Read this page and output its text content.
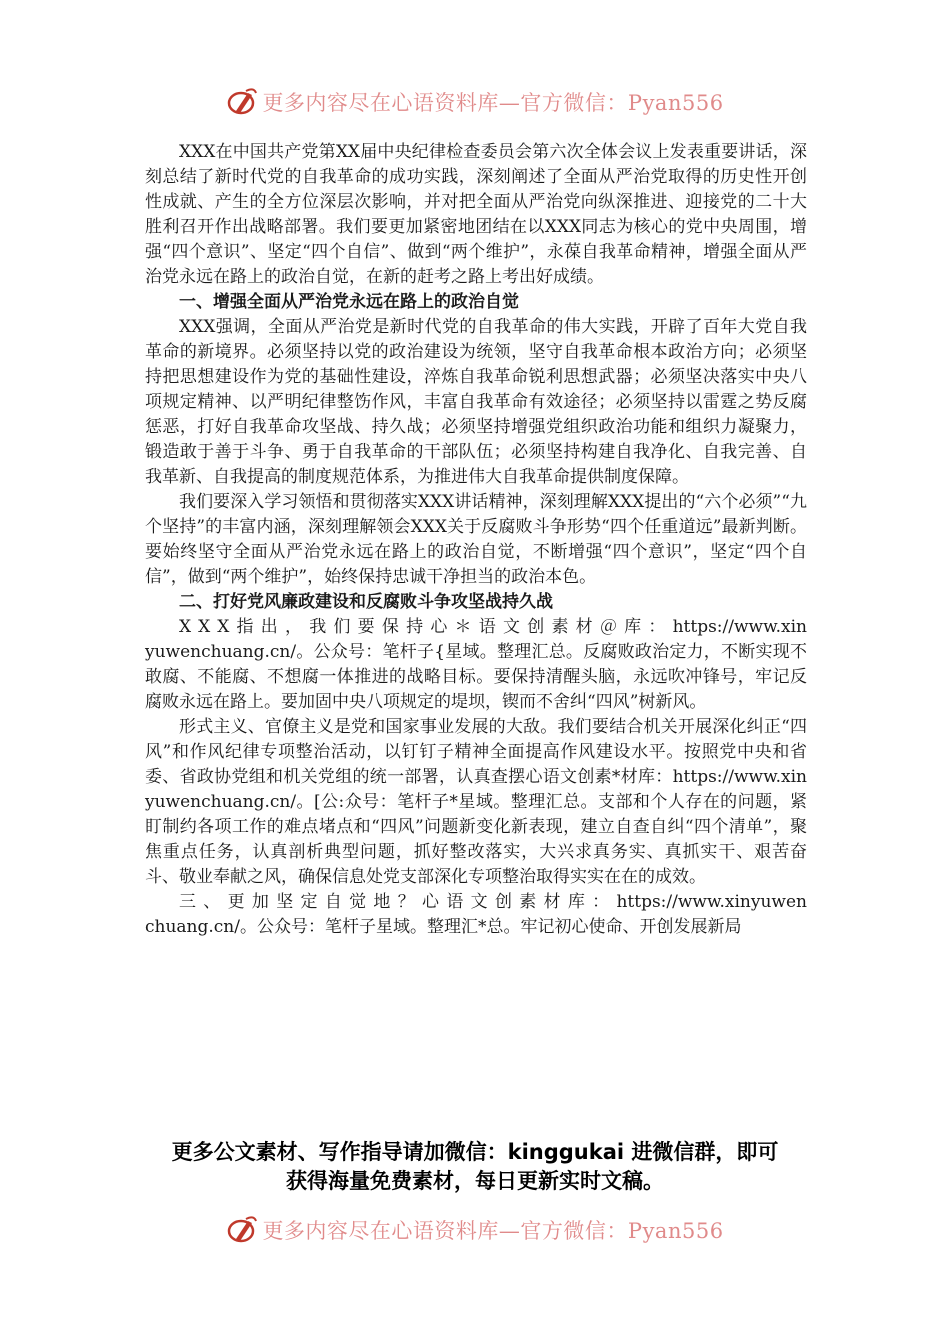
更多内容尽在心语资料库—官方微信：Pyan556

XXX在中国共产党第XX届中央纪律检查委员会第六次全体会议上发表重要讲话，深刻总结了新时代党的自我革命的成功实践，深刻阐述了全面从严治党取得的历史性开创性成就、产生的全方位深层次影响，并对把全面从严治党向纵深推进、迎接党的二十大胜利召开作出战略部署。我们要更加紧密地团结在以XXX同志为核心的党中央周围，增强“四个意识”、坚定“四个自信”、做到“两个维护”，永葆自我革命精神，增强全面从严治党永远在路上的政治自觉，在新的赶考之路上考出好成绩。

一、增强全面从严治党永远在路上的政治自觉

XXX强调，全面从严治党是新时代党的自我革命的伟大实践，开辟了百年大党自我革命的新境界。必须坚持以党的政治建设为统领，坚守自我革命根本政治方向；必须坚持把思想建设作为党的基础性建设，淬炼自我革命锐利思想武器；必须坚决落实中央八项规定精神、以严明纪律整饬作风，丰富自我革命有效途径；必须坚持以雷霆之势反腐惩恶，打好自我革命攻坚战、持久战；必须坚持增强党组织政治功能和组织力凝聚力，锻造敢于善于斗争、勇于自我革命的干部队伍；必须坚持构建自我净化、自我完善、自我革新、自我提高的制度规范体系，为推进伟大自我革命提供制度保障。

我们要深入学习领悟和贯彻落实XXX讲话精神，深刻理解XXX提出的“六个必须”“九个坚持”的丰富内涵，深刻理解领会XXX关于反腐败斗争形势“四个任重道远”最新判断。要始终坚守全面从严治党永远在路上的政治自觉，不断增强“四个意识”，坚定“四个自信”，做到“两个维护”，始终保持忠诚干净担当的政治本色。

二、打好党风廉政建设和反腐败斗争攻坚战持久战

XXX指出，我们要保持心＊语文创素材＠库：https://www.xinyuwenchuang.cn/。公众号：笔杆子{星域。整理汇总。反腐败政治定力，不断实现不敢腐、不能腐、不想腐一体推进的战略目标。要保持清醒头脑，永远吹冲锋号，牢记反腐败永远在路上。要加固中央八项规定的堤坝，锲而不舍纠“四风”树新风。

形式主义、官僚主义是党和国家事业发展的大敌。我们要结合机关开展深化纠正“四风”和作风纪律专项整治活动，以钉钉子精神全面提高作风建设水平。按照党中央和省委、省政协党组和机关党组的统一部署，认真查摆心语文创素*材库：https://www.xinyuwenchuang.cn/。[公:众号：笔杆子*星域。整理汇总。支部和个人存在的问题，紧盯制约各项工作的难点堵点和“四风”问题新变化新表现，建立自查自纠“四个清单”，聚焦重点任务，认真剖析典型问题，抓好整改落实，大兴求真务实、真抓实干、艰苦奋斗、敬业奉献之风，确保信息处党支部深化专项整治取得实实在在的成效。

三、更加坚定自觉地？心语文创素材库：https://www.xinyuwenchuang.cn/。公众号：笔杆子星域。整理汇*总。牢记初心使命、开创发展新局

更多公文素材、写作指导请加微信：kinggukai 进微信群，即可
获得海量免费素材，每日更新实时文稿。
更多内容尽在心语资料库—官方微信：Pyan556
